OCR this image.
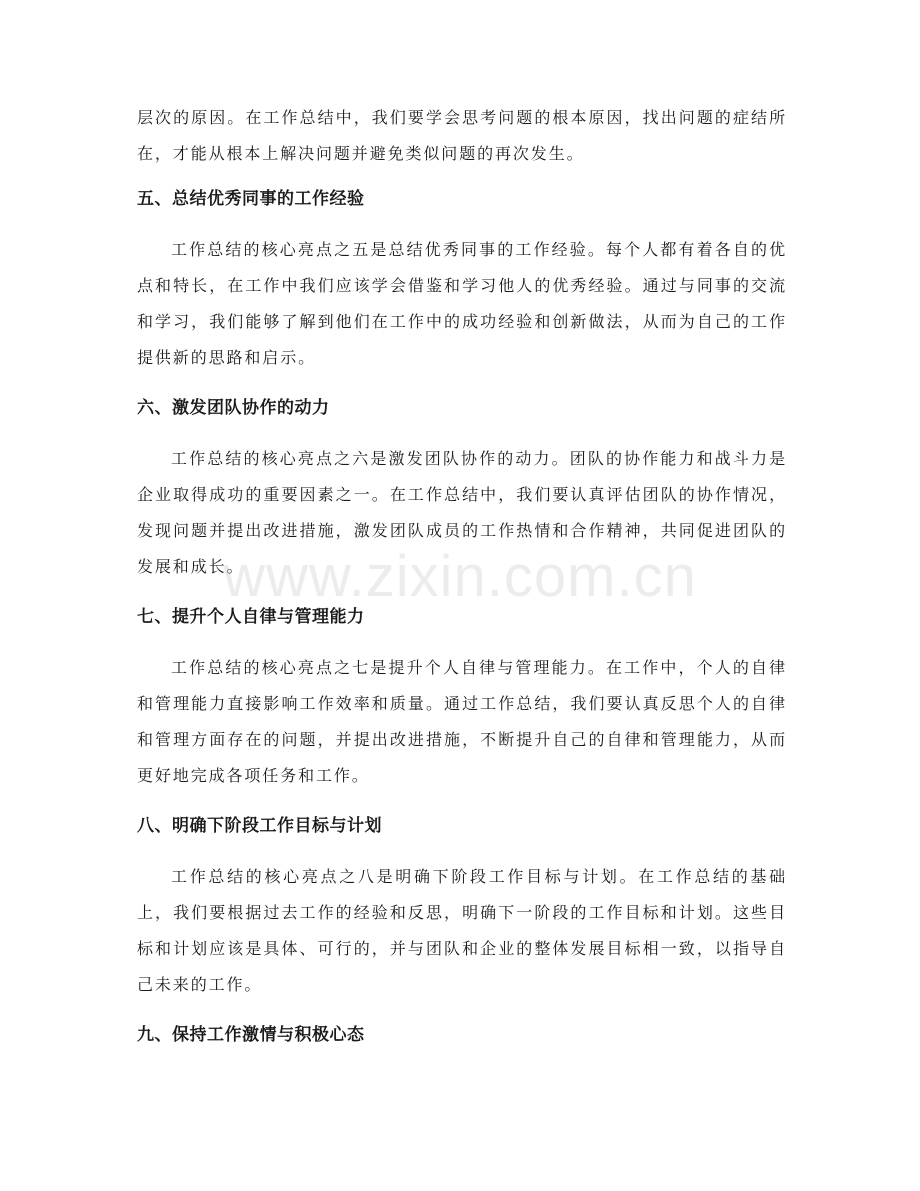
层次的原因。在工作总结中，我们要学会思考问题的根本原因，找出问题的症结所在，才能从根本上解决问题并避免类似问题的再次发生。

五、总结优秀同事的工作经验

工作总结的核心亮点之五是总结优秀同事的工作经验。每个人都有着各自的优点和特长，在工作中我们应该学会借鉴和学习他人的优秀经验。通过与同事的交流和学习，我们能够了解到他们在工作中的成功经验和创新做法，从而为自己的工作提供新的思路和启示。

六、激发团队协作的动力

工作总结的核心亮点之六是激发团队协作的动力。团队的协作能力和战斗力是企业取得成功的重要因素之一。在工作总结中，我们要认真评估团队的协作情况，发现问题并提出改进措施，激发团队成员的工作热情和合作精神，共同促进团队的发展和成长。

七、提升个人自律与管理能力

工作总结的核心亮点之七是提升个人自律与管理能力。在工作中，个人的自律和管理能力直接影响工作效率和质量。通过工作总结，我们要认真反思个人的自律和管理方面存在的问题，并提出改进措施，不断提升自己的自律和管理能力，从而更好地完成各项任务和工作。

八、明确下阶段工作目标与计划

工作总结的核心亮点之八是明确下阶段工作目标与计划。在工作总结的基础上，我们要根据过去工作的经验和反思，明确下一阶段的工作目标和计划。这些目标和计划应该是具体、可行的，并与团队和企业的整体发展目标相一致，以指导自己未来的工作。

九、保持工作激情与积极心态
www.zixin.com.cn
